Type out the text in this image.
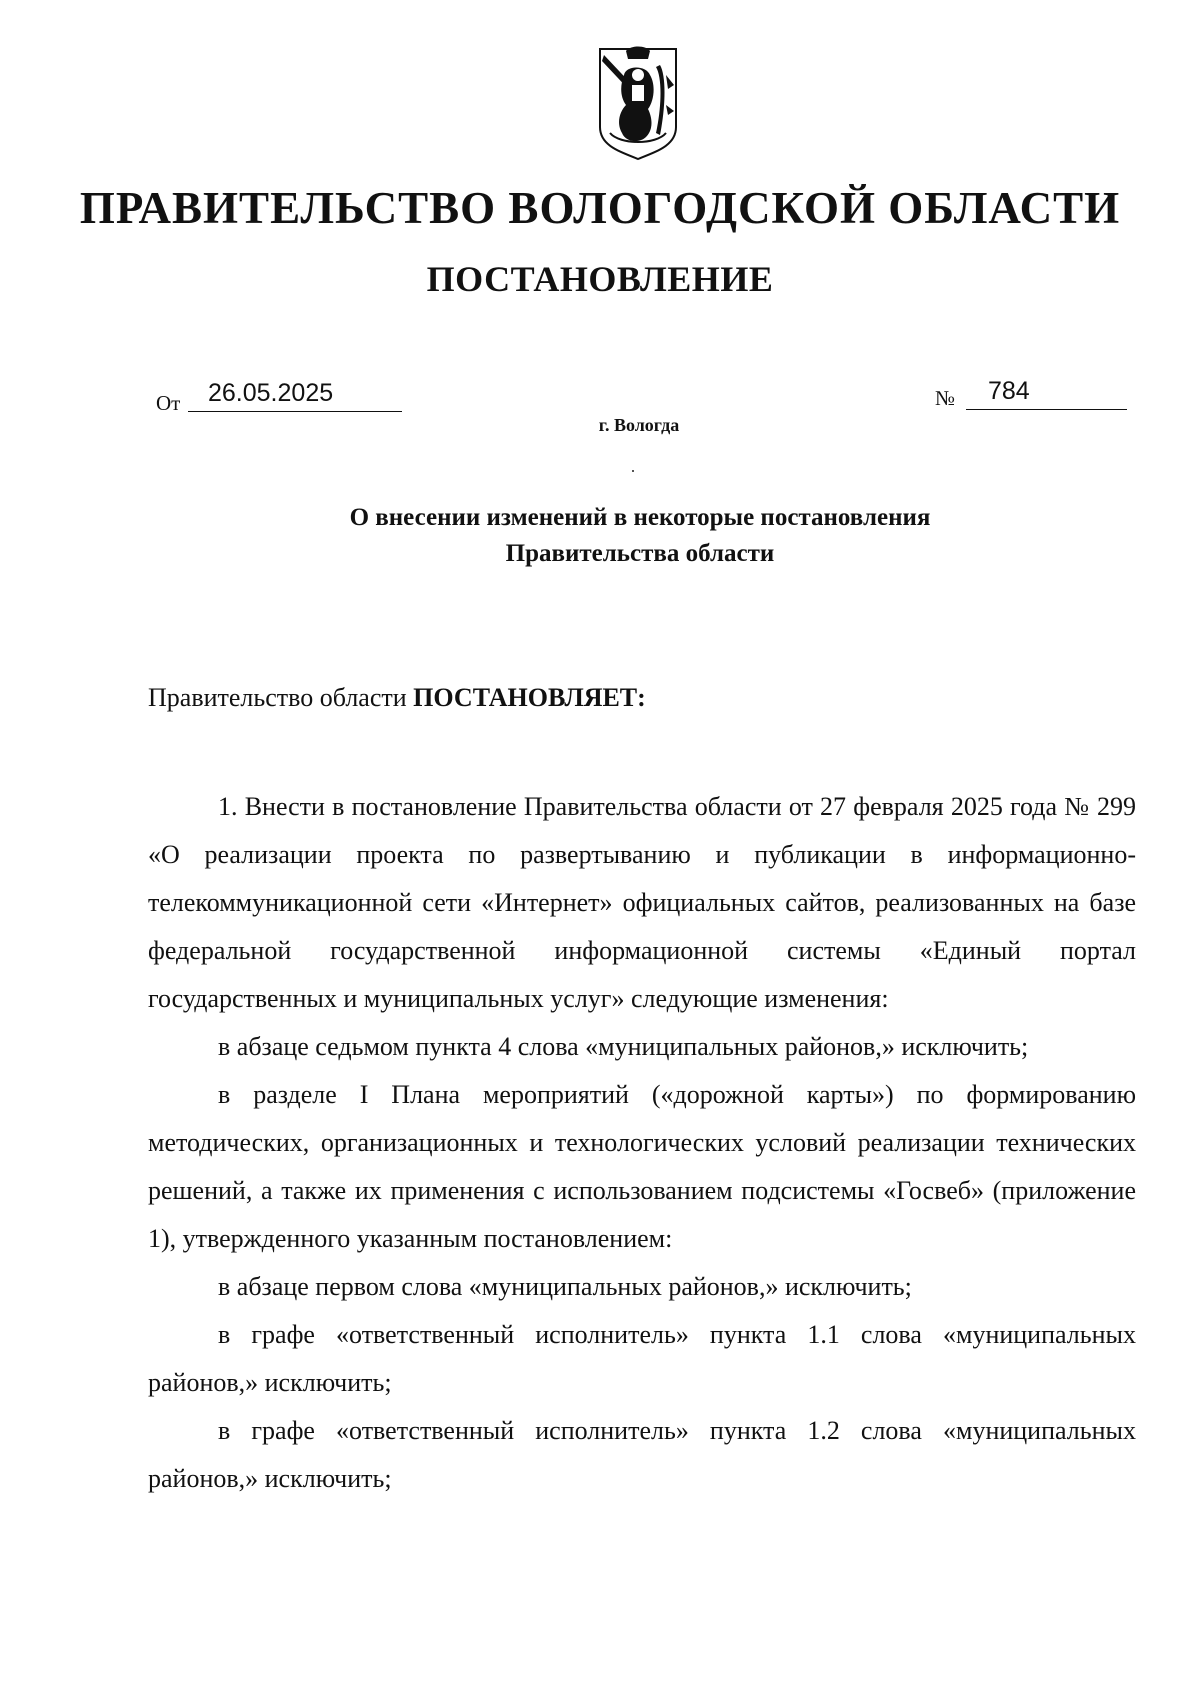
ПРАВИТЕЛЬСТВО ВОЛОГОДСКОЙ ОБЛАСТИ
ПОСТАНОВЛЕНИЕ
От	26.05.2025	№	784
г. Вологда
О внесении изменений в некоторые постановления
Правительства области
Правительство области ПОСТАНОВЛЯЕТ:

1. Внести в постановление Правительства области от 27 февраля 2025 года № 299 «О реализации проекта по развертыванию и публикации в информационно-телекоммуникационной сети «Интернет» официальных сайтов, реализованных на базе федеральной государственной информационной системы «Единый портал государственных и муниципальных услуг» следующие изменения:

в абзаце седьмом пункта 4 слова «муниципальных районов,» исключить;

в разделе I Плана мероприятий («дорожной карты») по формированию методических, организационных и технологических условий реализации технических решений, а также их применения с использованием подсистемы «Госвеб» (приложение 1), утвержденного указанным постановлением:

в абзаце первом слова «муниципальных районов,» исключить;

в графе «ответственный исполнитель» пункта 1.1 слова «муниципальных районов,» исключить;

в графе «ответственный исполнитель» пункта 1.2 слова «муниципальных районов,» исключить;
